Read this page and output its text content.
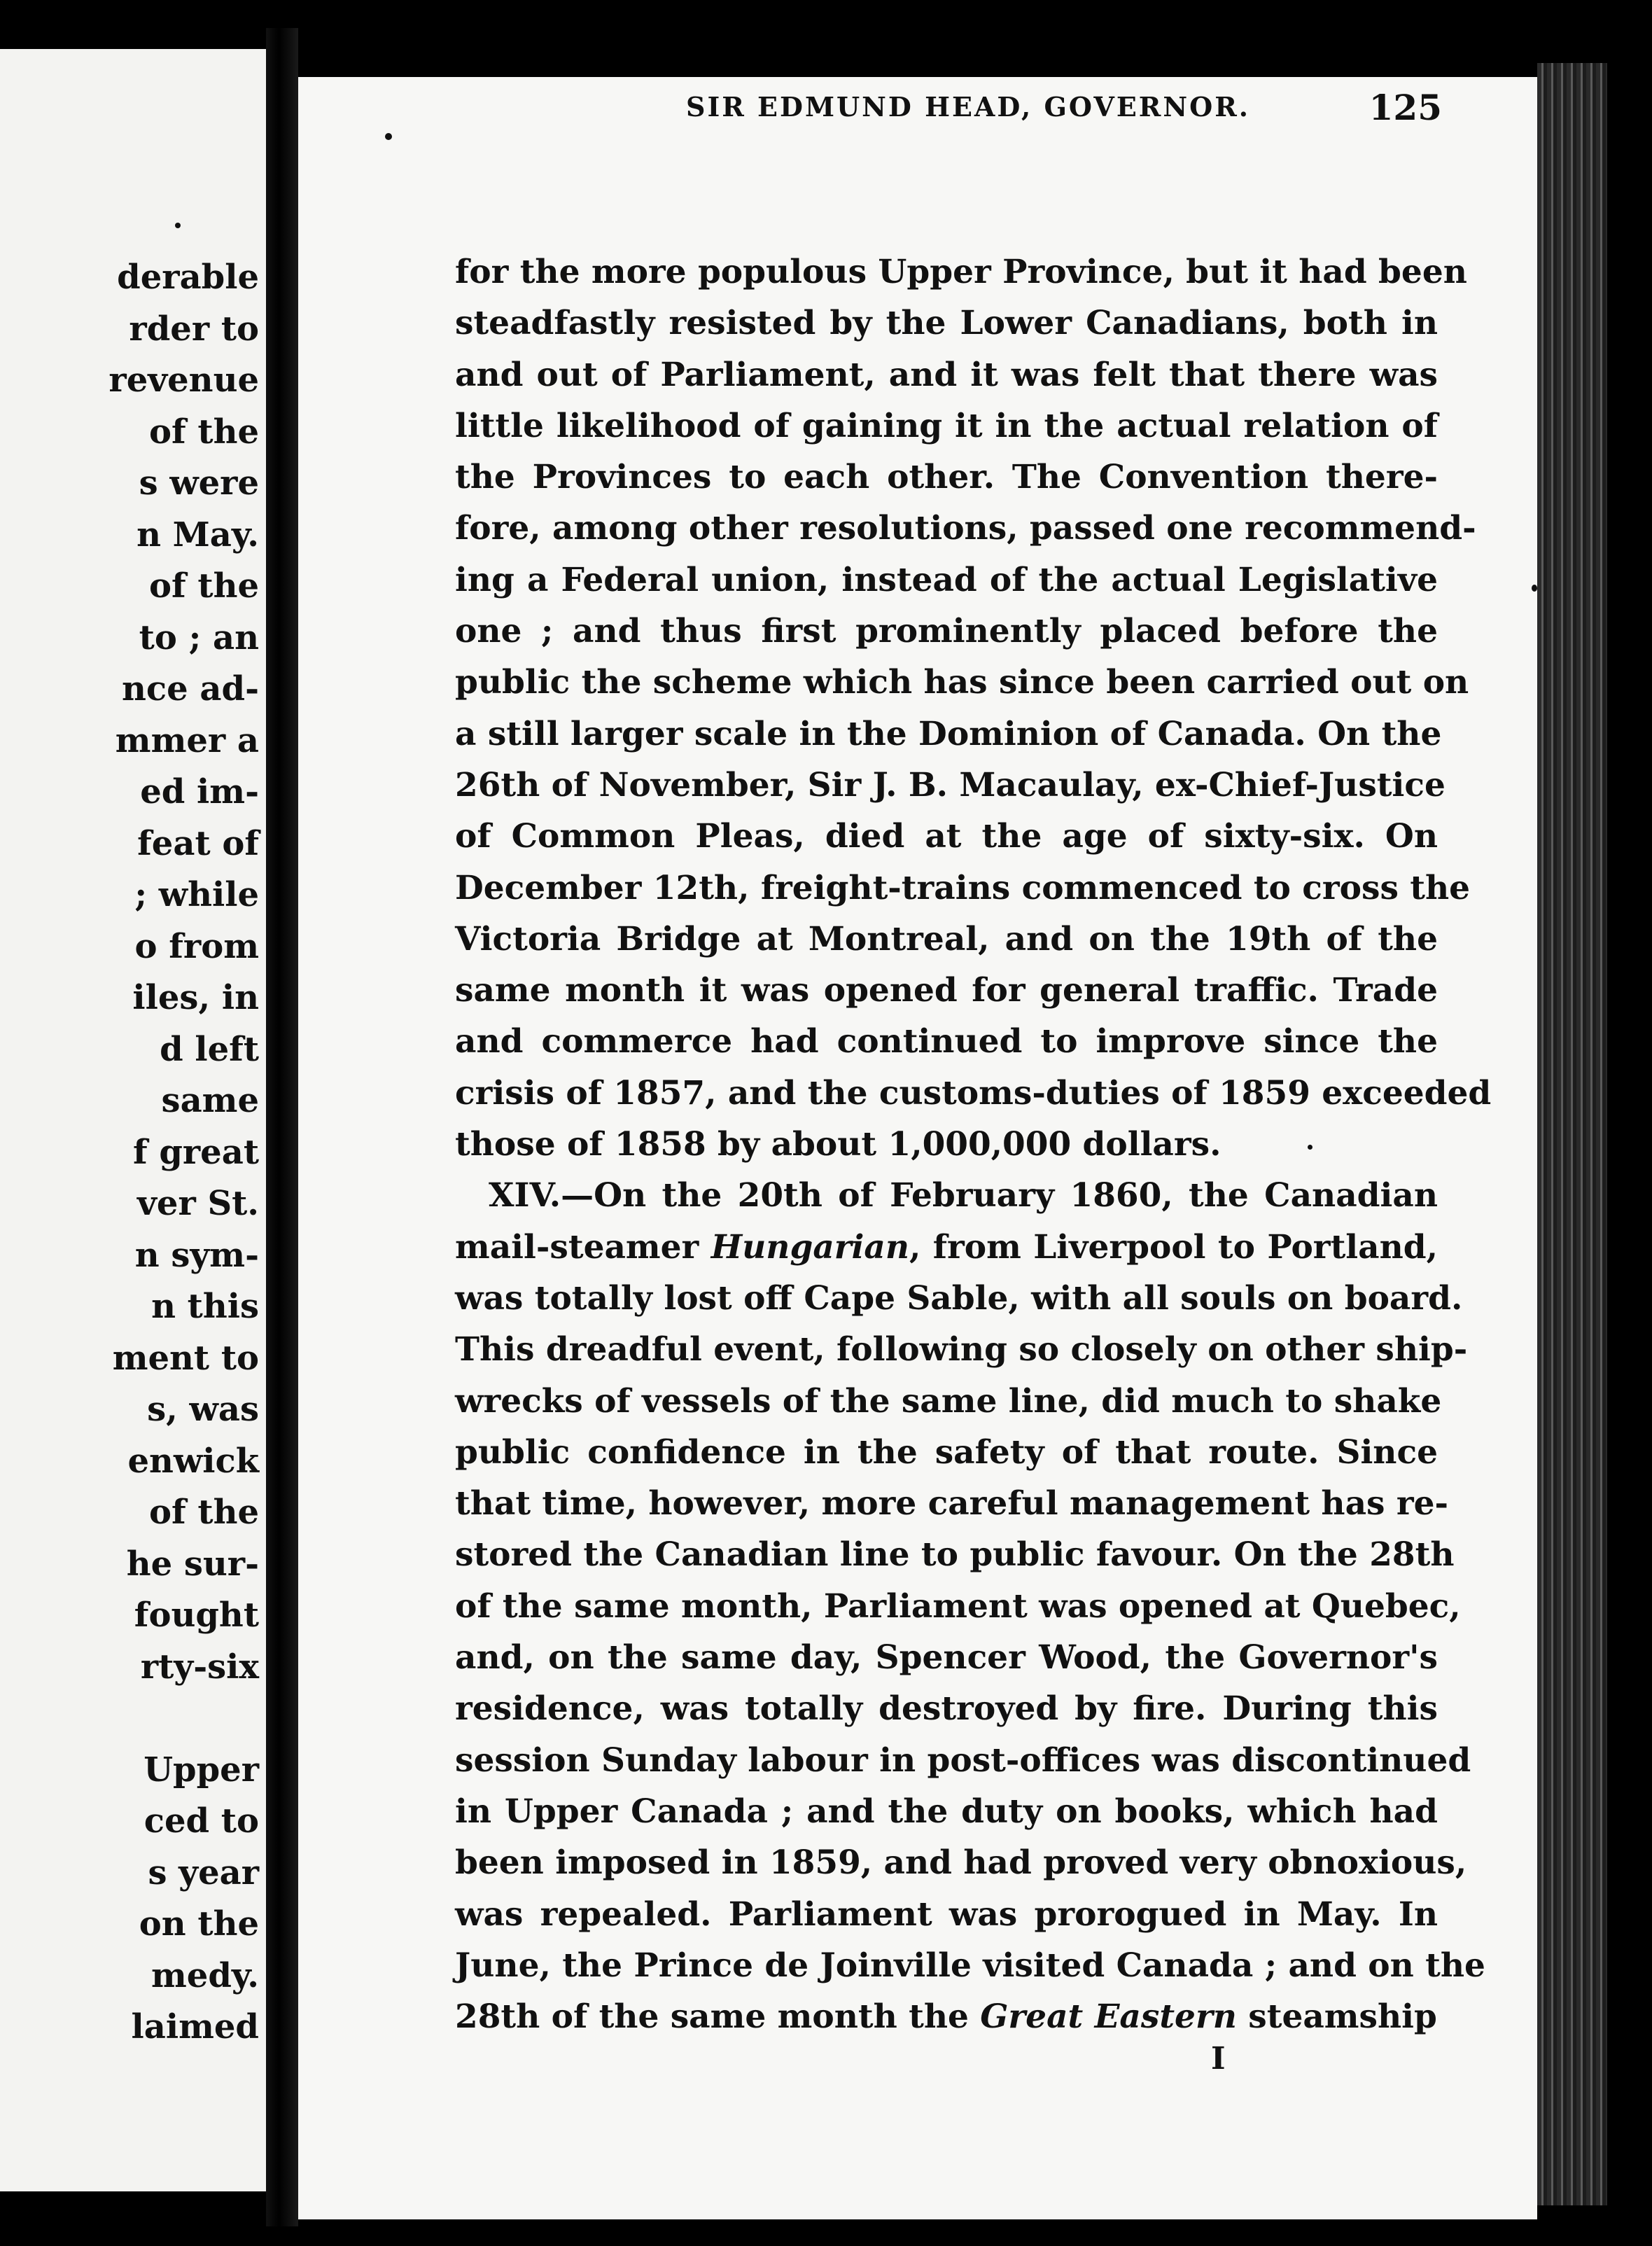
derable
rder to
revenue
of the
s were
n May.
of the
to ; an
nce ad-
mmer a
ed im-
feat of
; while
o from
iles, in
d left
same
f great
ver St.
n sym-
n this
ment to
s, was
enwick
of the
he sur-
fought
rty-six
Upper
ced to
s year
on the
medy.
laimed
SIR EDMUND HEAD, GOVERNOR.	125
for the more populous Upper Province, but it had been
steadfastly resisted by the Lower Canadians, both in
and out of Parliament, and it was felt that there was
little likelihood of gaining it in the actual relation of
the Provinces to each other. The Convention there-
fore, among other resolutions, passed one recommend-
ing a Federal union, instead of the actual Legislative
one ; and thus first prominently placed before the
public the scheme which has since been carried out on
a still larger scale in the Dominion of Canada. On the
26th of November, Sir J. B. Macaulay, ex-Chief-Justice
of Common Pleas, died at the age of sixty-six. On
December 12th, freight-trains commenced to cross the
Victoria Bridge at Montreal, and on the 19th of the
same month it was opened for general traffic. Trade
and commerce had continued to improve since the
crisis of 1857, and the customs-duties of 1859 exceeded
those of 1858 by about 1,000,000 dollars.
XIV.—On the 20th of February 1860, the Canadian
mail-steamer Hungarian, from Liverpool to Portland,
was totally lost off Cape Sable, with all souls on board.
This dreadful event, following so closely on other ship-
wrecks of vessels of the same line, did much to shake
public confidence in the safety of that route. Since
that time, however, more careful management has re-
stored the Canadian line to public favour. On the 28th
of the same month, Parliament was opened at Quebec,
and, on the same day, Spencer Wood, the Governor's
residence, was totally destroyed by fire. During this
session Sunday labour in post-offices was discontinued
in Upper Canada ; and the duty on books, which had
been imposed in 1859, and had proved very obnoxious,
was repealed. Parliament was prorogued in May. In
June, the Prince de Joinville visited Canada ; and on the
28th of the same month the Great Eastern steamship
I
